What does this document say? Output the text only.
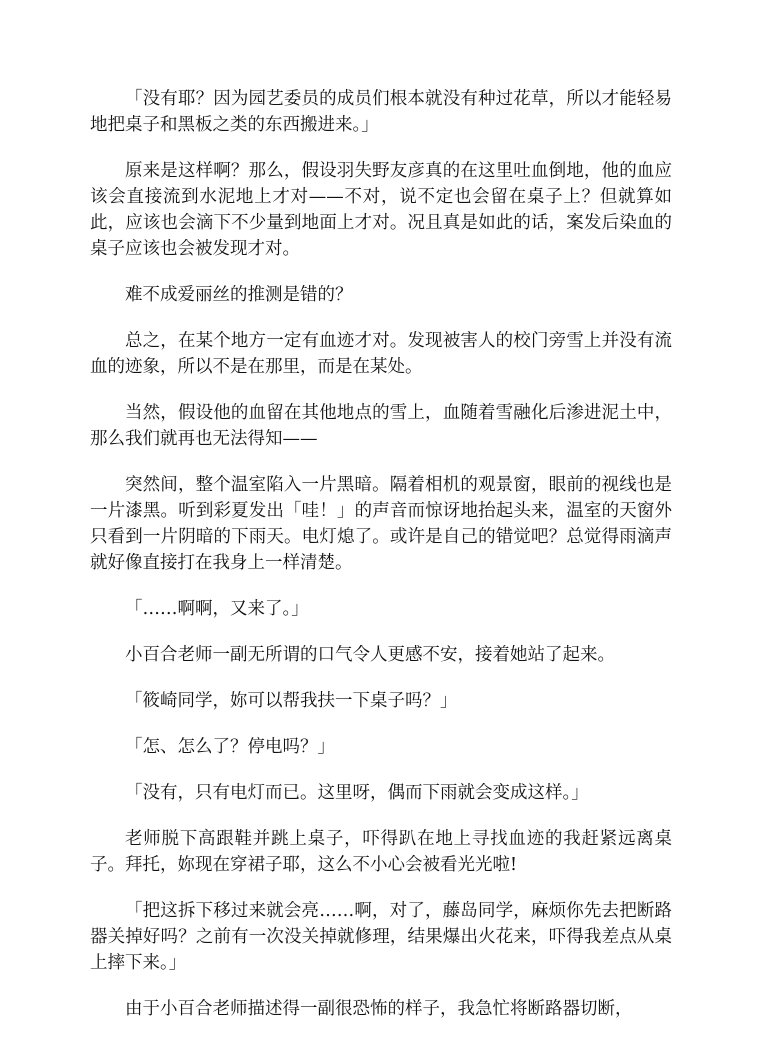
「没有耶？因为园艺委员的成员们根本就没有种过花草，所以才能轻易地把桌子和黑板之类的东西搬进来。」

原来是这样啊？那么，假设羽失野友彦真的在这里吐血倒地，他的血应该会直接流到水泥地上才对——不对，说不定也会留在桌子上？但就算如此，应该也会滴下不少量到地面上才对。况且真是如此的话，案发后染血的桌子应该也会被发现才对。

难不成爱丽丝的推测是错的？

总之，在某个地方一定有血迹才对。发现被害人的校门旁雪上并没有流血的迹象，所以不是在那里，而是在某处。

当然，假设他的血留在其他地点的雪上，血随着雪融化后渗进泥土中，那么我们就再也无法得知——

突然间，整个温室陷入一片黑暗。隔着相机的观景窗，眼前的视线也是一片漆黑。听到彩夏发出「哇！」的声音而惊讶地抬起头来，温室的天窗外只看到一片阴暗的下雨天。电灯熄了。或许是自己的错觉吧？总觉得雨滴声就好像直接打在我身上一样清楚。

「……啊啊，又来了。」

小百合老师一副无所谓的口气令人更感不安，接着她站了起来。

「筱崎同学，妳可以帮我扶一下桌子吗？」

「怎、怎么了？停电吗？」

「没有，只有电灯而已。这里呀，偶而下雨就会变成这样。」

老师脱下高跟鞋并跳上桌子，吓得趴在地上寻找血迹的我赶紧远离桌子。拜托，妳现在穿裙子耶，这么不小心会被看光光啦!

「把这拆下移过来就会亮……啊，对了，藤岛同学，麻烦你先去把断路器关掉好吗？之前有一次没关掉就修理，结果爆出火花来，吓得我差点从桌上摔下来。」

由于小百合老师描述得一副很恐怖的样子，我急忙将断路器切断，
